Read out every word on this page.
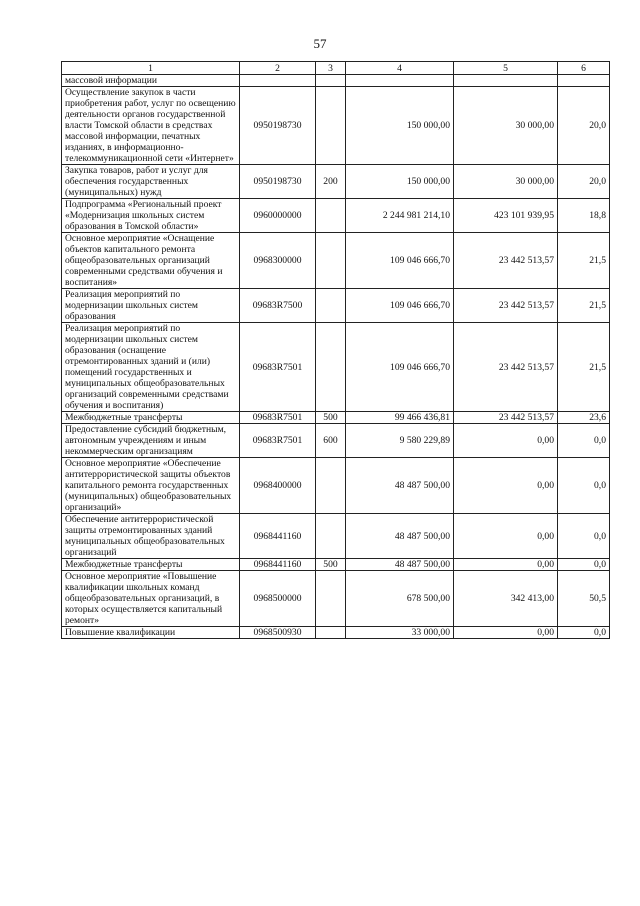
57
1	2	3	4	5	6
массовой информации					
Осуществление закупок в части приобретения работ, услуг по освещению деятельности органов государственной власти Томской области в средствах массовой информации, печатных изданиях, в информационно-телекоммуникационной сети «Интернет»	0950198730		150 000,00	30 000,00	20,0
Закупка товаров, работ и услуг для обеспечения государственных (муниципальных) нужд	0950198730	200	150 000,00	30 000,00	20,0
Подпрограмма «Региональный проект «Модернизация школьных систем образования в Томской области»	0960000000		2 244 981 214,10	423 101 939,95	18,8
Основное мероприятие «Оснащение объектов капитального ремонта общеобразовательных организаций современными средствами обучения и воспитания»	0968300000		109 046 666,70	23 442 513,57	21,5
Реализация мероприятий по модернизации школьных систем образования	09683R7500		109 046 666,70	23 442 513,57	21,5
Реализация мероприятий по модернизации школьных систем образования (оснащение отремонтированных зданий и (или) помещений государственных и муниципальных общеобразовательных организаций современными средствами обучения и воспитания)	09683R7501		109 046 666,70	23 442 513,57	21,5
Межбюджетные трансферты	09683R7501	500	99 466 436,81	23 442 513,57	23,6
Предоставление субсидий бюджетным, автономным учреждениям и иным некоммерческим организациям	09683R7501	600	9 580 229,89	0,00	0,0
Основное мероприятие «Обеспечение антитеррористической защиты объектов капитального ремонта государственных (муниципальных) общеобразовательных организаций»	0968400000		48 487 500,00	0,00	0,0
Обеспечение антитеррористической защиты отремонтированных зданий муниципальных общеобразовательных организаций	0968441160		48 487 500,00	0,00	0,0
Межбюджетные трансферты	0968441160	500	48 487 500,00	0,00	0,0
Основное мероприятие «Повышение квалификации школьных команд общеобразовательных организаций, в которых осуществляется капитальный ремонт»	0968500000		678 500,00	342 413,00	50,5
Повышение квалификации	0968500930		33 000,00	0,00	0,0
